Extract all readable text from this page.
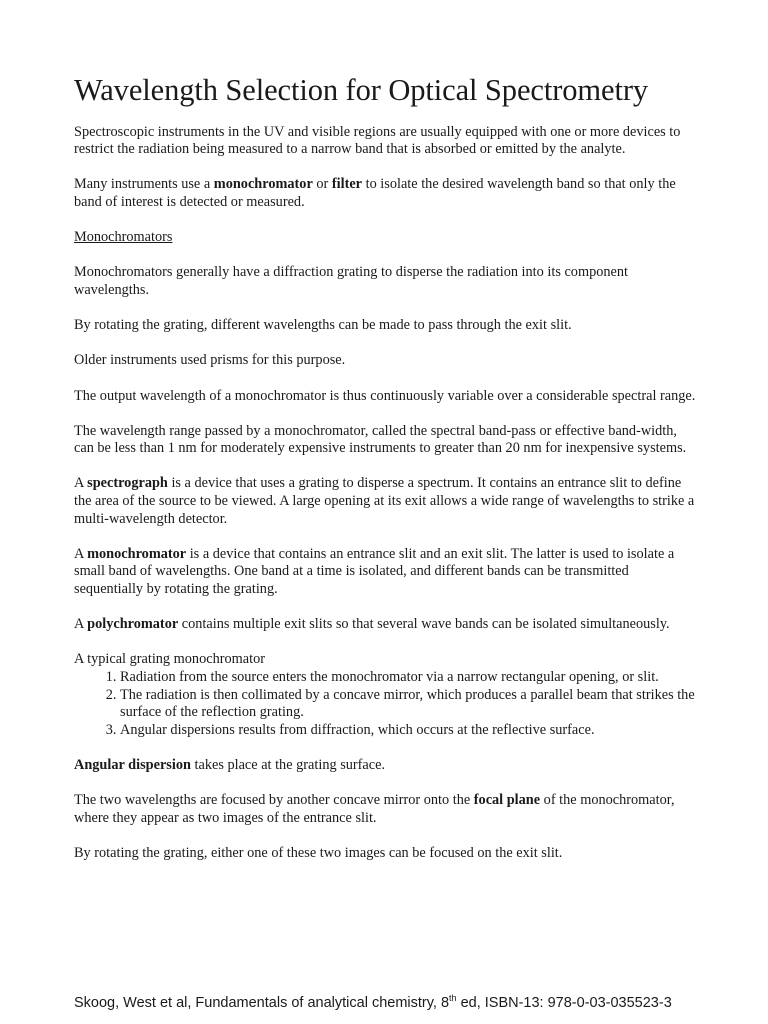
Wavelength Selection for Optical Spectrometry

Spectroscopic instruments in the UV and visible regions are usually equipped with one or more devices to restrict the radiation being measured to a narrow band that is absorbed or emitted by the analyte.

Many instruments use a monochromator or filter to isolate the desired wavelength band so that only the band of interest is detected or measured.

Monochromators

Monochromators generally have a diffraction grating to disperse the radiation into its component wavelengths.

By rotating the grating, different wavelengths can be made to pass through the exit slit.

Older instruments used prisms for this purpose.

The output wavelength of a monochromator is thus continuously variable over a considerable spectral range.

The wavelength range passed by a monochromator, called the spectral band-pass or effective band-width, can be less than 1 nm for moderately expensive instruments to greater than 20 nm for inexpensive systems.

A spectrograph is a device that uses a grating to disperse a spectrum. It contains an entrance slit to define the area of the source to be viewed. A large opening at its exit allows a wide range of wavelengths to strike a multi-wavelength detector.

A monochromator is a device that contains an entrance slit and an exit slit. The latter is used to isolate a small band of wavelengths. One band at a time is isolated, and different bands can be transmitted sequentially by rotating the grating.

A polychromator contains multiple exit slits so that several wave bands can be isolated simultaneously.

A typical grating monochromator

1. Radiation from the source enters the monochromator via a narrow rectangular opening, or slit.
2. The radiation is then collimated by a concave mirror, which produces a parallel beam that strikes the surface of the reflection grating.
3. Angular dispersions results from diffraction, which occurs at the reflective surface.

Angular dispersion takes place at the grating surface.

The two wavelengths are focused by another concave mirror onto the focal plane of the monochromator, where they appear as two images of the entrance slit.

By rotating the grating, either one of these two images can be focused on the exit slit.

Skoog, West et al, Fundamentals of analytical chemistry, 8th ed, ISBN-13: 978-0-03-035523-3
